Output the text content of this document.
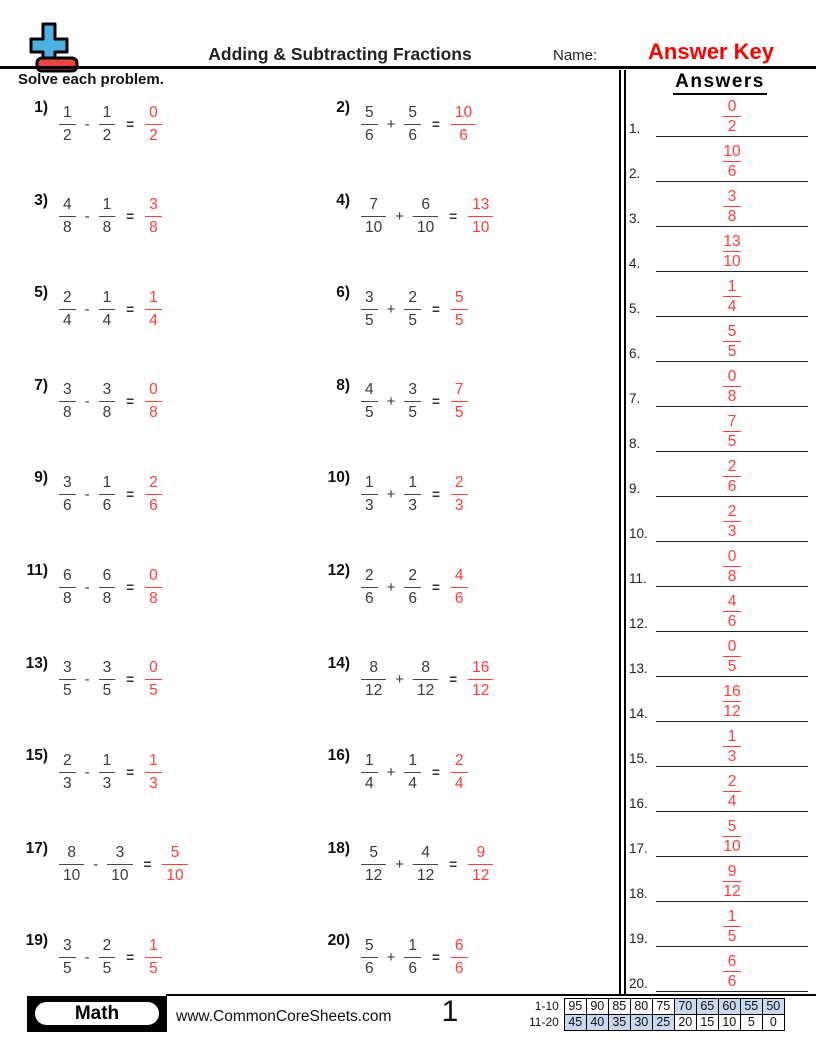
Adding & Subtracting Fractions	Name:	Answer Key
Solve each problem.
$1) \frac{1}{2} - \frac{1}{2} = \frac{0}{2}$	$2) \frac{5}{6} + \frac{5}{6} = \frac{10}{6}$
$3) \frac{4}{8} - \frac{1}{8} = \frac{3}{8}$	$4) \frac{7}{10} + \frac{6}{10} = \frac{13}{10}$
$5) \frac{2}{4} - \frac{1}{4} = \frac{1}{4}$	$6) \frac{3}{5} + \frac{2}{5} = \frac{5}{5}$
$7) \frac{3}{8} - \frac{3}{8} = \frac{0}{8}$	$8) \frac{4}{5} + \frac{3}{5} = \frac{7}{5}$
$9) \frac{3}{6} - \frac{1}{6} = \frac{2}{6}$	$10) \frac{1}{3} + \frac{1}{3} = \frac{2}{3}$
$11) \frac{6}{8} - \frac{6}{8} = \frac{0}{8}$	$12) \frac{2}{6} + \frac{2}{6} = \frac{4}{6}$
$13) \frac{3}{5} - \frac{3}{5} = \frac{0}{5}$	$14) \frac{8}{12} + \frac{8}{12} = \frac{16}{12}$
$15) \frac{2}{3} - \frac{1}{3} = \frac{1}{3}$	$16) \frac{1}{4} + \frac{1}{4} = \frac{2}{4}$
$17) \frac{8}{10} - \frac{3}{10} = \frac{5}{10}$	$18) \frac{5}{12} + \frac{4}{12} = \frac{9}{12}$
$19) \frac{3}{5} - \frac{2}{5} = \frac{1}{5}$	$20) \frac{5}{6} + \frac{1}{6} = \frac{6}{6}$
Answers
1.
0
2
2.
10
6
3.
3
8
4.
13
10
5.
1
4
6.
5
5
7.
0
8
8.
7
5
9.
2
6
10.
2
3
11.
0
8
12.
4
6
13.
0
5
14.
16
12
15.
1
3
16.
2
4
17.
5
10
18.
9
12
19.
1
5
20.
6
6
Math	www.CommonCoreSheets.com	1	1-10	95	90	85	80	75	70	65	60	55	50
11-20	45	40	35	30	25	20	15	10	5	0
